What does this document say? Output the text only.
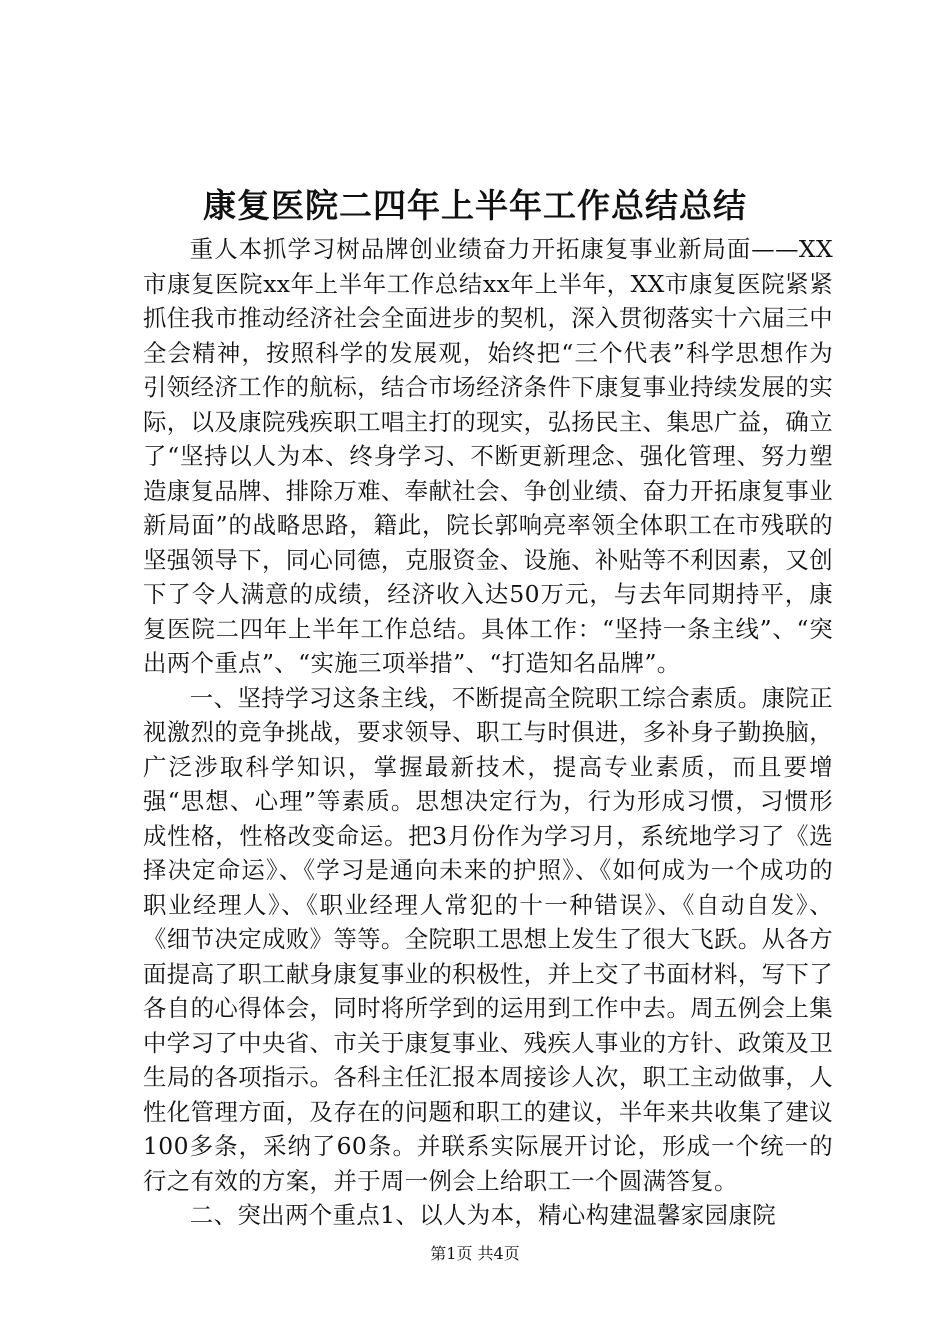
康复医院二四年上半年工作总结总结

重人本抓学习树品牌创业绩奋力开拓康复事业新局面——XX市康复医院xx年上半年工作总结xx年上半年，XX市康复医院紧紧抓住我市推动经济社会全面进步的契机，深入贯彻落实十六届三中全会精神，按照科学的发展观，始终把“三个代表”科学思想作为引领经济工作的航标，结合市场经济条件下康复事业持续发展的实际，以及康院残疾职工唱主打的现实，弘扬民主、集思广益，确立了“坚持以人为本、终身学习、不断更新理念、强化管理、努力塑造康复品牌、排除万难、奉献社会、争创业绩、奋力开拓康复事业新局面”的战略思路，籍此，院长郭响亮率领全体职工在市残联的坚强领导下，同心同德，克服资金、设施、补贴等不利因素，又创下了令人满意的成绩，经济收入达50万元，与去年同期持平，康复医院二四年上半年工作总结。具体工作：“坚持一条主线”、“突出两个重点”、“实施三项举措”、“打造知名品牌”。

一、坚持学习这条主线，不断提高全院职工综合素质。康院正视激烈的竞争挑战，要求领导、职工与时俱进，多补身子勤换脑，广泛涉取科学知识，掌握最新技术，提高专业素质，而且要增强“思想、心理”等素质。思想决定行为，行为形成习惯，习惯形成性格，性格改变命运。把3月份作为学习月，系统地学习了《选择决定命运》、《学习是通向未来的护照》、《如何成为一个成功的职业经理人》、《职业经理人常犯的十一种错误》、《自动自发》、《细节决定成败》等等。全院职工思想上发生了很大飞跃。从各方面提高了职工献身康复事业的积极性，并上交了书面材料，写下了各自的心得体会，同时将所学到的运用到工作中去。周五例会上集中学习了中央省、市关于康复事业、残疾人事业的方针、政策及卫生局的各项指示。各科主任汇报本周接诊人次，职工主动做事，人性化管理方面，及存在的问题和职工的建议，半年来共收集了建议100多条，采纳了60条。并联系实际展开讨论，形成一个统一的行之有效的方案，并于周一例会上给职工一个圆满答复。

二、突出两个重点1、以人为本，精心构建温馨家园康院

第1页 共4页
